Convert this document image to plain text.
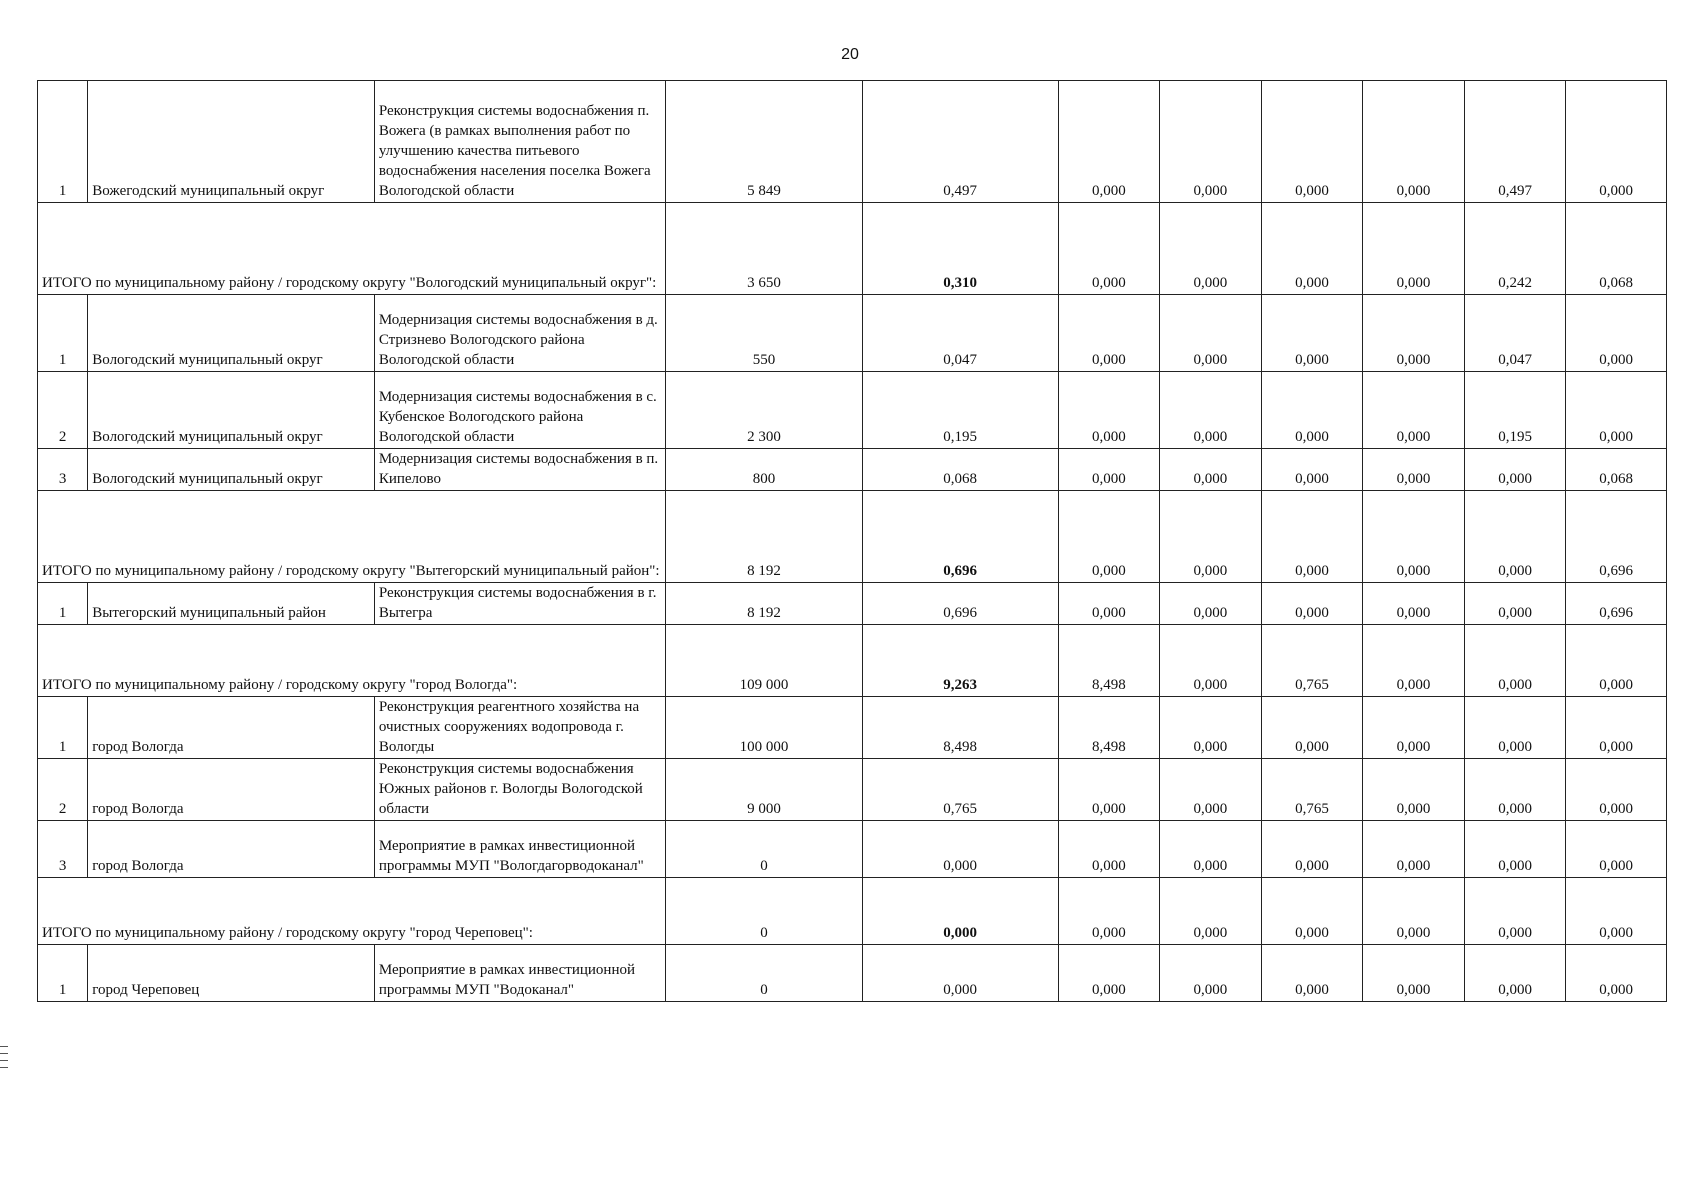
20
1	Вожегодский муниципальный округ	Реконструкция системы водоснабжения п. Вожега (в рамках выполнения работ по улучшению качества питьевого водоснабжения населения поселка Вожега Вологодской области	5 849	0,497	0,000	0,000	0,000	0,000	0,497	0,000
ИТОГО по муниципальному району / городскому округу "Вологодский муниципальный округ":			3 650	0,310	0,000	0,000	0,000	0,000	0,242	0,068
1	Вологодский муниципальный округ	Модернизация системы водоснабжения в д. Стризнево Вологодского района Вологодской области	550	0,047	0,000	0,000	0,000	0,000	0,047	0,000
2	Вологодский муниципальный округ	Модернизация системы водоснабжения в с. Кубенское Вологодского района Вологодской области	2 300	0,195	0,000	0,000	0,000	0,000	0,195	0,000
3	Вологодский муниципальный округ	Модернизация системы водоснабжения в п. Кипелово	800	0,068	0,000	0,000	0,000	0,000	0,000	0,068
ИТОГО по муниципальному району / городскому округу "Вытегорский муниципальный район":			8 192	0,696	0,000	0,000	0,000	0,000	0,000	0,696
1	Вытегорский муниципальный район	Реконструкция системы водоснабжения в г. Вытегра	8 192	0,696	0,000	0,000	0,000	0,000	0,000	0,696
ИТОГО по муниципальному району / городскому округу "город Вологда":			109 000	9,263	8,498	0,000	0,765	0,000	0,000	0,000
1	город Вологда	Реконструкция реагентного хозяйства на очистных сооружениях водопровода г. Вологды	100 000	8,498	8,498	0,000	0,000	0,000	0,000	0,000
2	город Вологда	Реконструкция системы водоснабжения Южных районов г. Вологды Вологодской области	9 000	0,765	0,000	0,000	0,765	0,000	0,000	0,000
3	город Вологда	Мероприятие в рамках инвестиционной программы МУП "Вологдагорводоканал"	0	0,000	0,000	0,000	0,000	0,000	0,000	0,000
ИТОГО по муниципальному району / городскому округу "город Череповец":			0	0,000	0,000	0,000	0,000	0,000	0,000	0,000
1	город Череповец	Мероприятие в рамках инвестиционной программы МУП "Водоканал"	0	0,000	0,000	0,000	0,000	0,000	0,000	0,000
